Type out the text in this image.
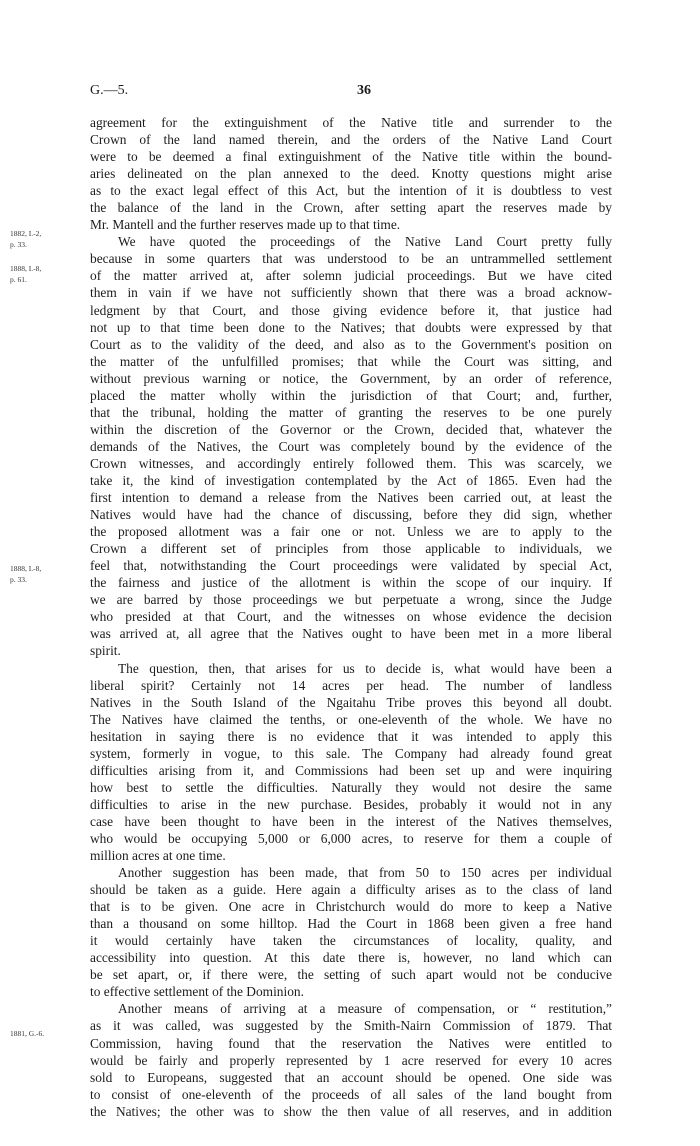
G.—5.	36
1882, I.-2,
p. 33.
1888, I.-8,
p. 61.
1888, I.-8,
p. 33.
1881, G.-6.
agreement for the extinguishment of the Native title and surrender to the
Crown of the land named therein, and the orders of the Native Land Court
were to be deemed a final extinguishment of the Native title within the bound-
aries delineated on the plan annexed to the deed. Knotty questions might arise
as to the exact legal effect of this Act, but the intention of it is doubtless to vest
the balance of the land in the Crown, after setting apart the reserves made by
Mr. Mantell and the further reserves made up to that time.
We have quoted the proceedings of the Native Land Court pretty fully
because in some quarters that was understood to be an untrammelled settlement
of the matter arrived at, after solemn judicial proceedings. But we have cited
them in vain if we have not sufficiently shown that there was a broad acknow-
ledgment by that Court, and those giving evidence before it, that justice had
not up to that time been done to the Natives; that doubts were expressed by that
Court as to the validity of the deed, and also as to the Government's position on
the matter of the unfulfilled promises; that while the Court was sitting, and
without previous warning or notice, the Government, by an order of reference,
placed the matter wholly within the jurisdiction of that Court; and, further,
that the tribunal, holding the matter of granting the reserves to be one purely
within the discretion of the Governor or the Crown, decided that, whatever the
demands of the Natives, the Court was completely bound by the evidence of the
Crown witnesses, and accordingly entirely followed them. This was scarcely, we
take it, the kind of investigation contemplated by the Act of 1865. Even had the
first intention to demand a release from the Natives been carried out, at least the
Natives would have had the chance of discussing, before they did sign, whether
the proposed allotment was a fair one or not. Unless we are to apply to the
Crown a different set of principles from those applicable to individuals, we
feel that, notwithstanding the Court proceedings were validated by special Act,
the fairness and justice of the allotment is within the scope of our inquiry. If
we are barred by those proceedings we but perpetuate a wrong, since the Judge
who presided at that Court, and the witnesses on whose evidence the decision
was arrived at, all agree that the Natives ought to have been met in a more liberal
spirit.
The question, then, that arises for us to decide is, what would have been a
liberal spirit? Certainly not 14 acres per head. The number of landless
Natives in the South Island of the Ngaitahu Tribe proves this beyond all doubt.
The Natives have claimed the tenths, or one-eleventh of the whole. We have no
hesitation in saying there is no evidence that it was intended to apply this
system, formerly in vogue, to this sale. The Company had already found great
difficulties arising from it, and Commissions had been set up and were inquiring
how best to settle the difficulties. Naturally they would not desire the same
difficulties to arise in the new purchase. Besides, probably it would not in any
case have been thought to have been in the interest of the Natives themselves,
who would be occupying 5,000 or 6,000 acres, to reserve for them a couple of
million acres at one time.
Another suggestion has been made, that from 50 to 150 acres per individual
should be taken as a guide. Here again a difficulty arises as to the class of land
that is to be given. One acre in Christchurch would do more to keep a Native
than a thousand on some hilltop. Had the Court in 1868 been given a free hand
it would certainly have taken the circumstances of locality, quality, and
accessibility into question. At this date there is, however, no land which can
be set apart, or, if there were, the setting of such apart would not be conducive
to effective settlement of the Dominion.
Another means of arriving at a measure of compensation, or “ restitution,”
as it was called, was suggested by the Smith-Nairn Commission of 1879. That
Commission, having found that the reservation the Natives were entitled to
would be fairly and properly represented by 1 acre reserved for every 10 acres
sold to Europeans, suggested that an account should be opened. One side was
to consist of one-eleventh of the proceeds of all sales of the land bought from
the Natives; the other was to show the then value of all reserves, and in addition
